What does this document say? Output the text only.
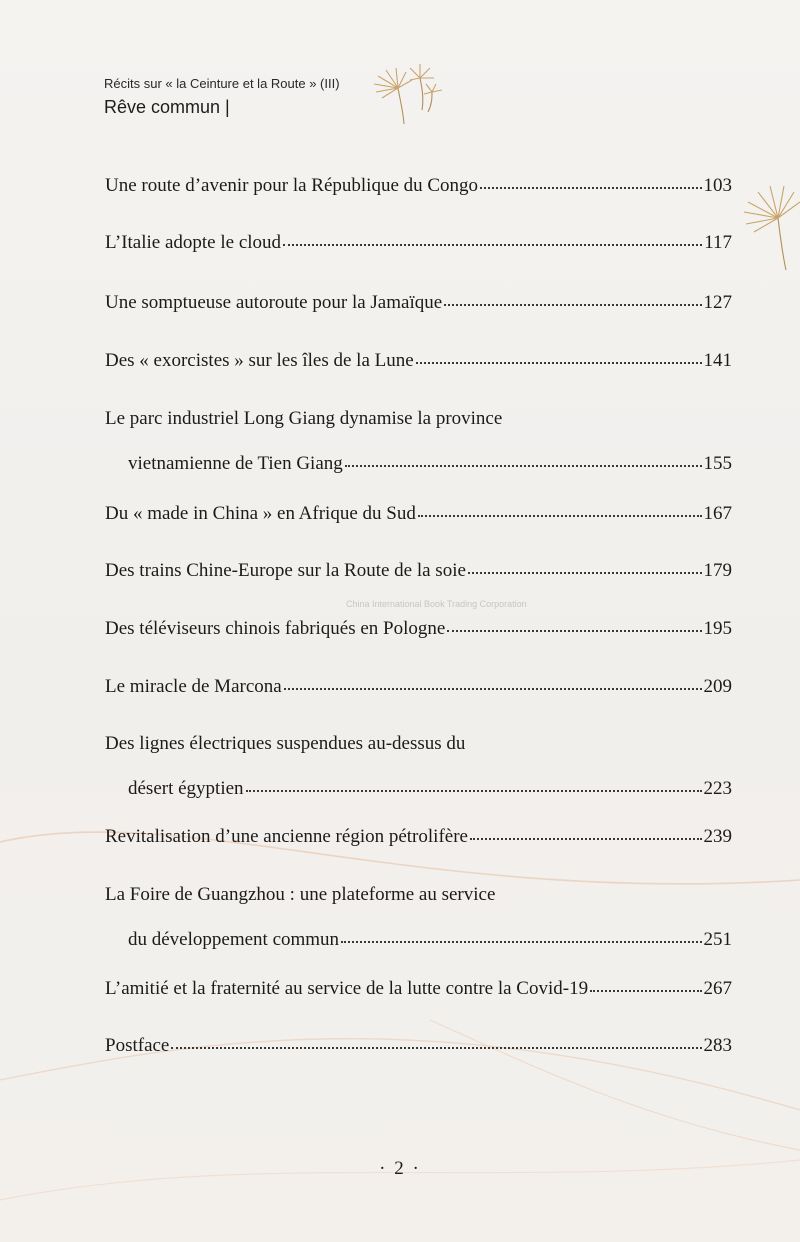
Récits sur « la Ceinture et la Route » (III)
Rêve commun |
China International Book Trading Corporation
Une route d’avenir pour la République du Congo	103
L’Italie adopte le cloud	117
Une somptueuse autoroute pour la Jamaïque	127
Des « exorcistes » sur les îles de la Lune	141
Le parc industriel Long Giang dynamise la province
vietnamienne de Tien Giang	155
Du « made in China » en Afrique du Sud	167
Des trains Chine-Europe sur la Route de la soie	179
Des téléviseurs chinois fabriqués en Pologne	195
Le miracle de Marcona	209
Des lignes électriques suspendues au-dessus du
désert égyptien	223
Revitalisation d’une ancienne région pétrolifère	239
La Foire de Guangzhou : une plateforme au service
du développement commun	251
L’amitié et la fraternité au service de la lutte contre la Covid-19	267
Postface	283
· 2 ·
